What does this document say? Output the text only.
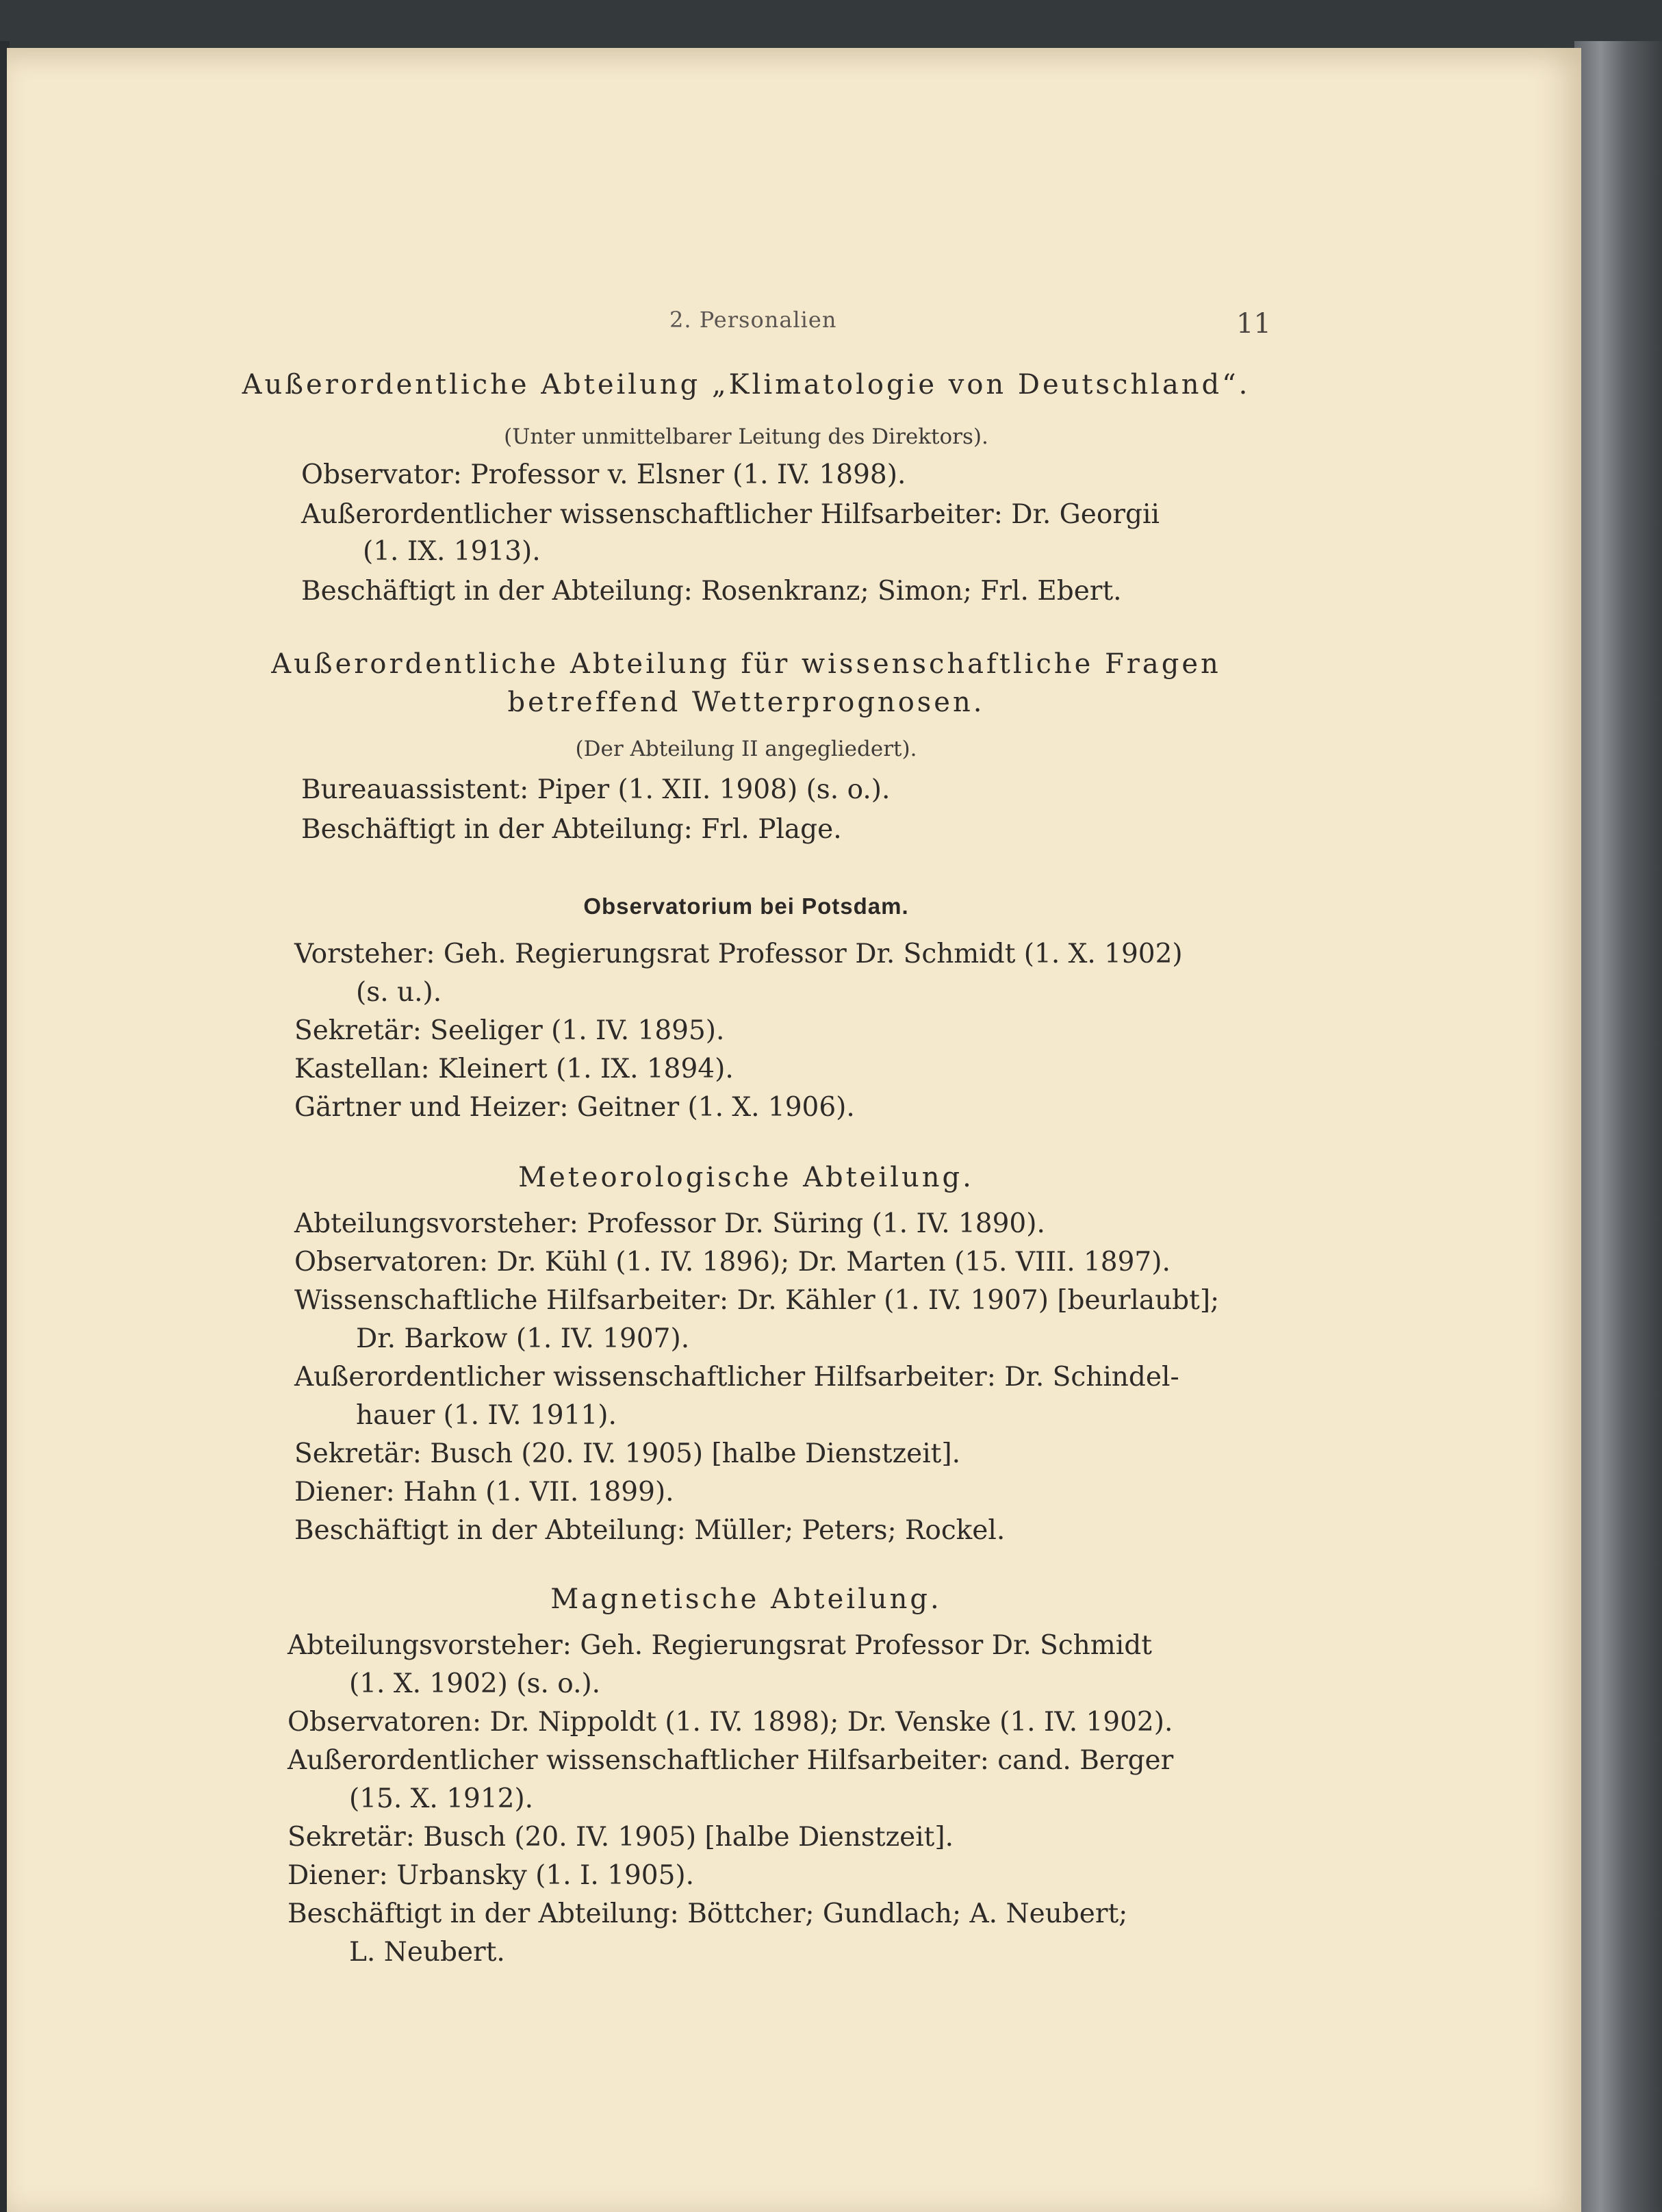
2. Personalien	11
Außerordentliche Abteilung „Klimatologie von Deutschland“.
(Unter unmittelbarer Leitung des Direktors).
Observator: Professor v. Elsner (1. IV. 1898).
Außerordentlicher wissenschaftlicher Hilfsarbeiter: Dr. Georgii
(1. IX. 1913).
Beschäftigt in der Abteilung: Rosenkranz; Simon; Frl. Ebert.
Außerordentliche Abteilung für wissenschaftliche Fragen
betreffend Wetterprognosen.
(Der Abteilung II angegliedert).
Bureauassistent: Piper (1. XII. 1908) (s. o.).
Beschäftigt in der Abteilung: Frl. Plage.
Observatorium bei Potsdam.
Vorsteher: Geh. Regierungsrat Professor Dr. Schmidt (1. X. 1902)
(s. u.).
Sekretär: Seeliger (1. IV. 1895).
Kastellan: Kleinert (1. IX. 1894).
Gärtner und Heizer: Geitner (1. X. 1906).
Meteorologische Abteilung.
Abteilungsvorsteher: Professor Dr. Süring (1. IV. 1890).
Observatoren: Dr. Kühl (1. IV. 1896); Dr. Marten (15. VIII. 1897).
Wissenschaftliche Hilfsarbeiter: Dr. Kähler (1. IV. 1907) [beurlaubt];
Dr. Barkow (1. IV. 1907).
Außerordentlicher wissenschaftlicher Hilfsarbeiter: Dr. Schindel-
hauer (1. IV. 1911).
Sekretär: Busch (20. IV. 1905) [halbe Dienstzeit].
Diener: Hahn (1. VII. 1899).
Beschäftigt in der Abteilung: Müller; Peters; Rockel.
Magnetische Abteilung.
Abteilungsvorsteher: Geh. Regierungsrat Professor Dr. Schmidt
(1. X. 1902) (s. o.).
Observatoren: Dr. Nippoldt (1. IV. 1898); Dr. Venske (1. IV. 1902).
Außerordentlicher wissenschaftlicher Hilfsarbeiter: cand. Berger
(15. X. 1912).
Sekretär: Busch (20. IV. 1905) [halbe Dienstzeit].
Diener: Urbansky (1. I. 1905).
Beschäftigt in der Abteilung: Böttcher; Gundlach; A. Neubert;
L. Neubert.
